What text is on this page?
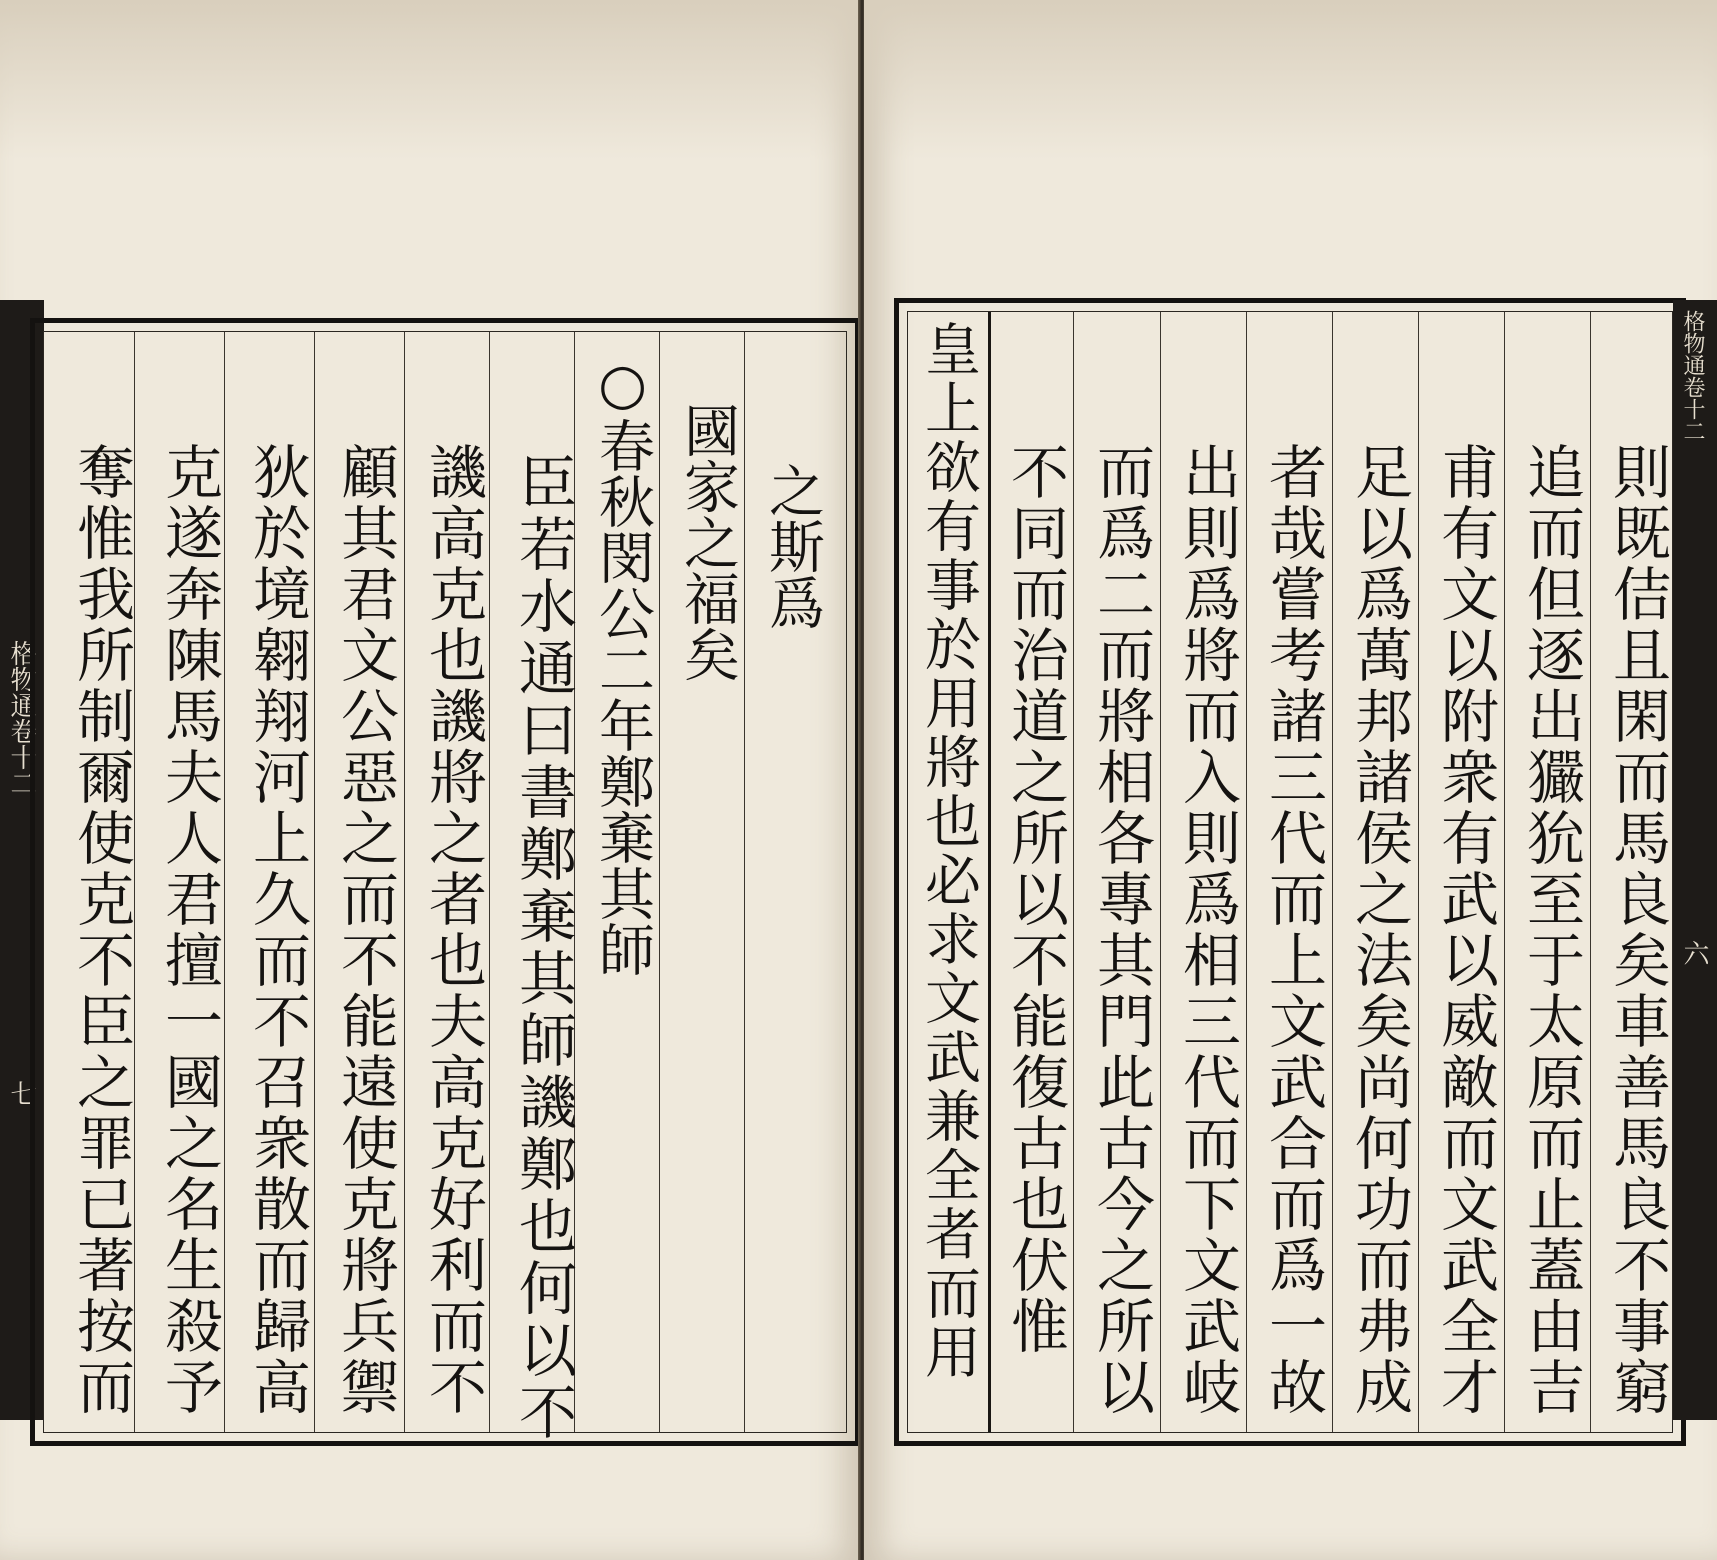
格物通卷十二
七
之斯爲
國家之福矣
○春秋閔公二年鄭棄其師
臣若水通曰書鄭棄其師譏鄭也何以不
譏高克也譏將之者也夫高克好利而不
顧其君文公惡之而不能遠使克將兵禦
狄於境翱翔河上久而不召衆散而歸高
克遂奔陳馬夫人君擅一國之名生殺予
奪惟我所制爾使克不臣之罪已著按而	則既佶且閑而馬良矣車善馬良不事窮
追而但逐出玁狁至于太原而止蓋由吉
甫有文以附衆有武以威敵而文武全才
足以爲萬邦諸侯之法矣尚何功而弗成
者哉嘗考諸三代而上文武合而爲一故
出則爲將而入則爲相三代而下文武岐
而爲二而將相各專其門此古今之所以
不同而治道之所以不能復古也伏惟
皇上欲有事於用將也必求文武兼全者而用	格物通卷十二
六
